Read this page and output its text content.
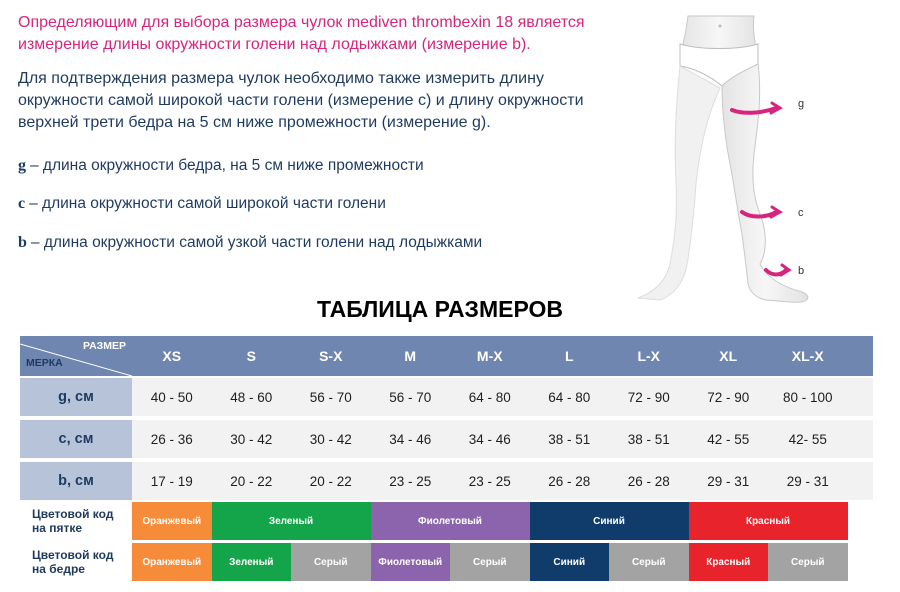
Определяющим для выбора размера чулок mediven thrombexin 18 является измерение длины окружности голени над лодыжками (измерение b).

Для подтверждения размера чулок необходимо также измерить длину окружности самой широкой части голени (измерение c) и длину окружности верхней трети бедра на 5 см ниже промежности (измерение g).

g – длина окружности бедра, на 5 см ниже промежности
c – длина окружности самой широкой части голени
b – длина окружности самой узкой части голени над лодыжками
g
c
b
ТАБЛИЦА РАЗМЕРОВ
РАЗМЕР
МЕРКА	XS	S	S-X	M	M-X	L	L-X	XL	XL-X
g, см	40 - 50	48 - 60	56 - 70	56 - 70	64 - 80	64 - 80	72 - 90	72 - 90	80 - 100
c, см	26 - 36	30 - 42	30 - 42	34 - 46	34 - 46	38 - 51	38 - 51	42 - 55	42- 55
b, см	17 - 19	20 - 22	20 - 22	23 - 25	23 - 25	26 - 28	26 - 28	29 - 31	29 - 31
Цветовой код на пятке	Оранжевый	Зеленый	Фиолетовый	Синий	Красный
Цветовой код на бедре	Оранжевый	Зеленый	Серый	Фиолетовый	Серый	Синий	Серый	Красный	Серый
